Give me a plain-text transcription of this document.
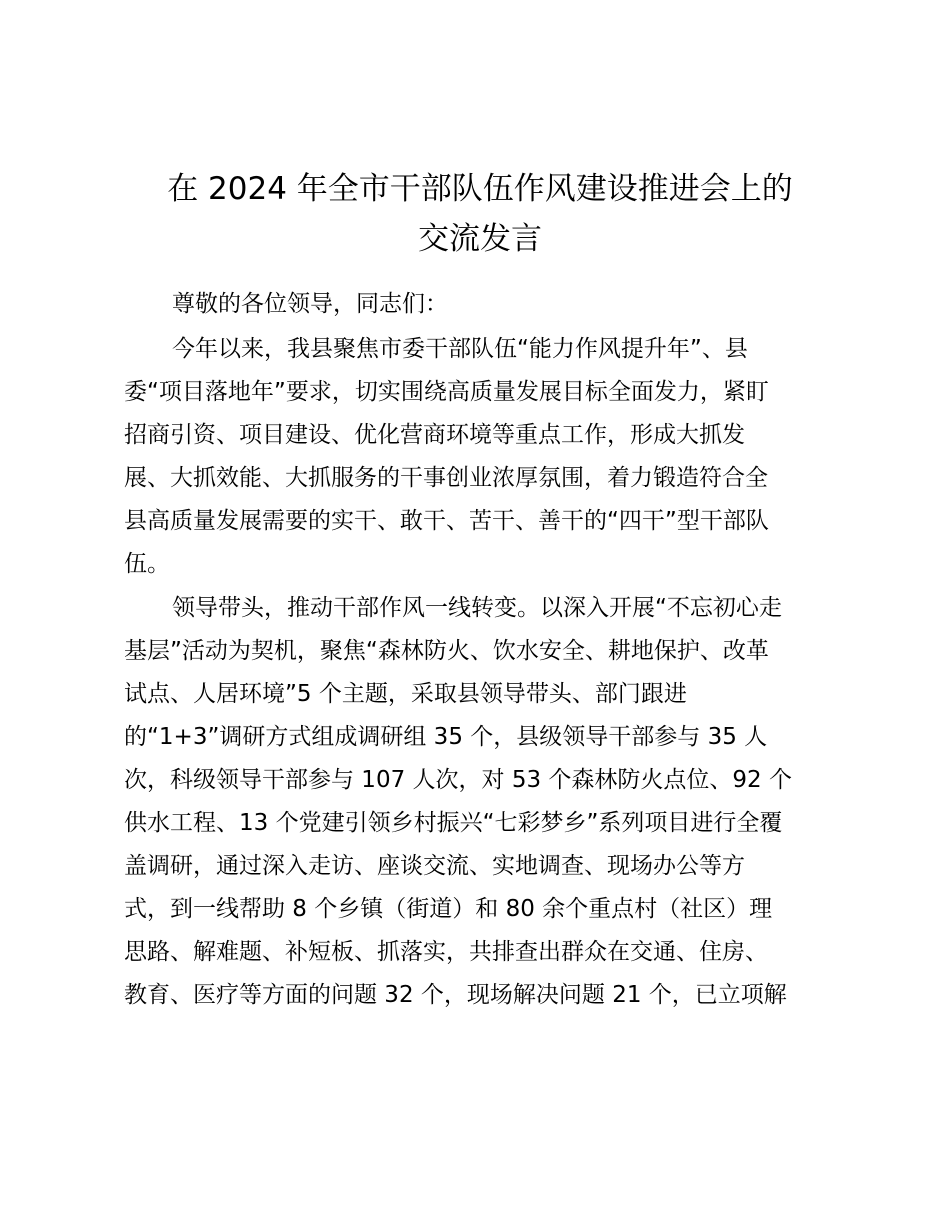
在 2024 年全市干部队伍作风建设推进会上的
交流发言
尊敬的各位领导，同志们：
今年以来，我县聚焦市委干部队伍“能力作风提升年”、县
委“项目落地年”要求，切实围绕高质量发展目标全面发力，紧盯
招商引资、项目建设、优化营商环境等重点工作，形成大抓发
展、大抓效能、大抓服务的干事创业浓厚氛围，着力锻造符合全
县高质量发展需要的实干、敢干、苦干、善干的“四干”型干部队
伍。
领导带头，推动干部作风一线转变。以深入开展“不忘初心走
基层”活动为契机，聚焦“森林防火、饮水安全、耕地保护、改革
试点、人居环境”5 个主题，采取县领导带头、部门跟进
的“1+3”调研方式组成调研组 35 个，县级领导干部参与 35 人
次，科级领导干部参与 107 人次，对 53 个森林防火点位、92 个
供水工程、13 个党建引领乡村振兴“七彩梦乡”系列项目进行全覆
盖调研，通过深入走访、座谈交流、实地调查、现场办公等方
式，到一线帮助 8 个乡镇（街道）和 80 余个重点村（社区）理
思路、解难题、补短板、抓落实，共排查出群众在交通、住房、
教育、医疗等方面的问题 32 个，现场解决问题 21 个，已立项解
